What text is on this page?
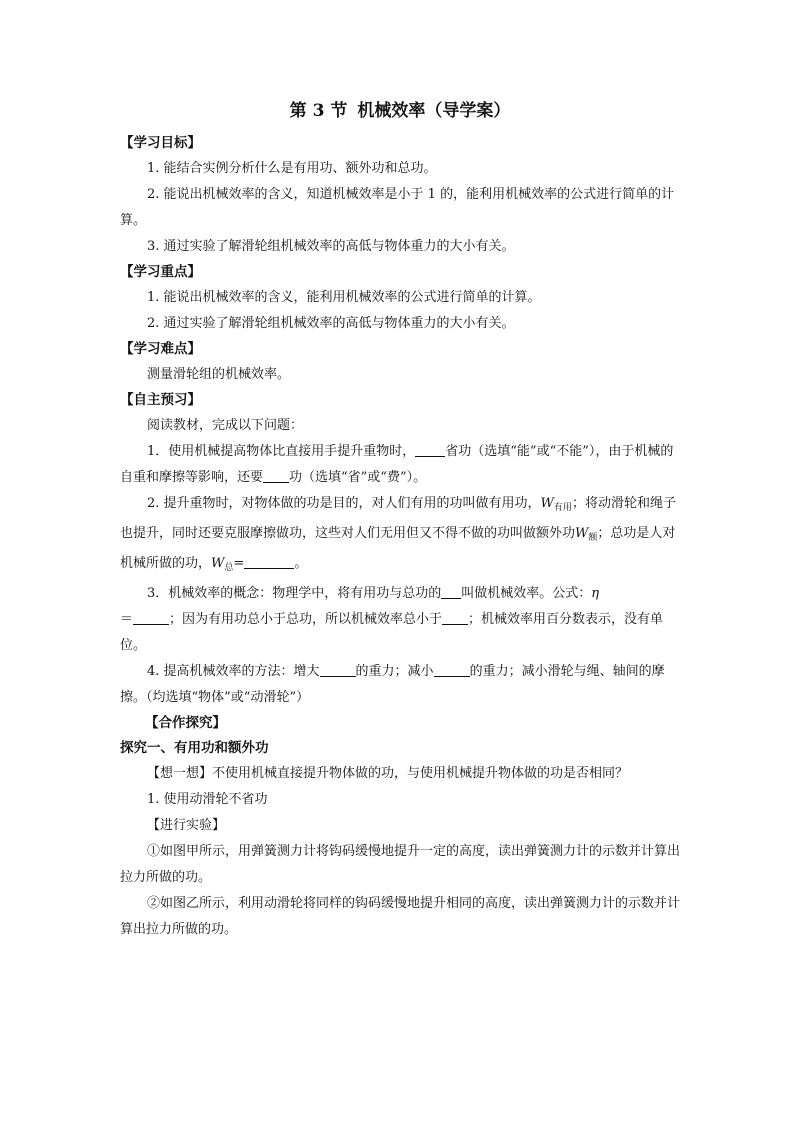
第 3 节 机械效率（导学案）
【学习目标】

1. 能结合实例分析什么是有用功、额外功和总功。

2. 能说出机械效率的含义，知道机械效率是小于 1 的，能利用机械效率的公式进行简单的计算。

3. 通过实验了解滑轮组机械效率的高低与物体重力的大小有关。

【学习重点】

1. 能说出机械效率的含义，能利用机械效率的公式进行简单的计算。

2. 通过实验了解滑轮组机械效率的高低与物体重力的大小有关。

【学习难点】

测量滑轮组的机械效率。

【自主预习】

阅读教材，完成以下问题：

1．使用机械提高物体比直接用手提升重物时， 省功（选填“能”或“不能”），由于机械的自重和摩擦等影响，还要 功（选填“省”或“费”）。

2. 提升重物时，对物体做的功是目的，对人们有用的功叫做有用功，$W_{有用}$；将动滑轮和绳子也提升，同时还要克服摩擦做功，这些对人们无用但又不得不做的功叫做额外功$W_额$；总功是人对机械所做的功，$W_总=$	。

3．机械效率的概念：物理学中，将有用功与总功的 叫做机械效率。公式：η
＝	；因为有用功总小于总功，所以机械效率总小于 ；机械效率用百分数表示，没有单位。

4. 提高机械效率的方法：增大	的重力；减小	的重力；减小滑轮与绳、轴间的摩擦。（均选填“物体”或“动滑轮”）

【合作探究】
探究一、有用功和额外功

【想一想】不使用机械直接提升物体做的功，与使用机械提升物体做的功是否相同？

1. 使用动滑轮不省功

【进行实验】

①如图甲所示，用弹簧测力计将钩码缓慢地提升一定的高度，读出弹簧测力计的示数并计算出拉力所做的功。

②如图乙所示，利用动滑轮将同样的钩码缓慢地提升相同的高度，读出弹簧测力计的示数并计算出拉力所做的功。
